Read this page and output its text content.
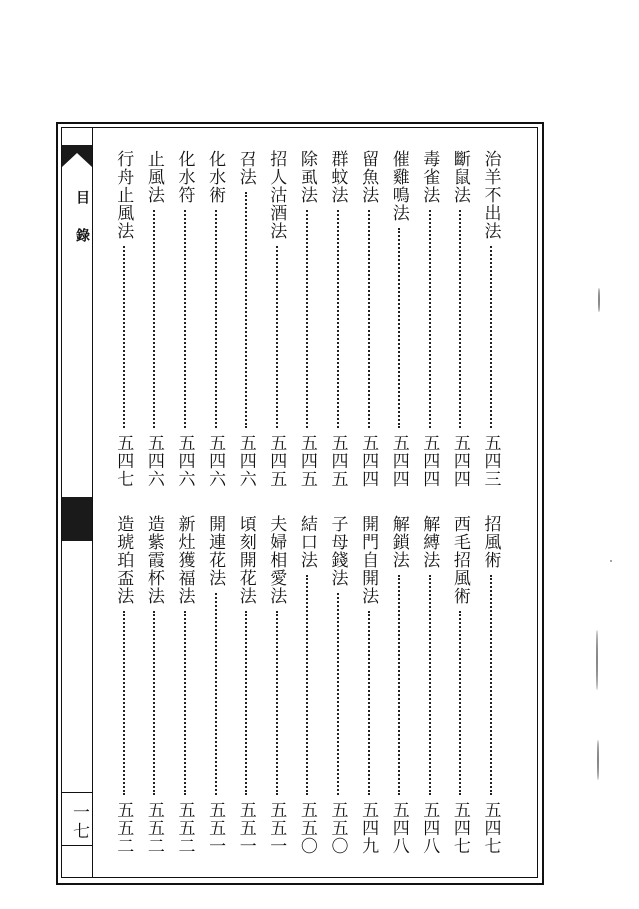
目
錄
一七
治羊不出法
五四三
斷鼠法
五四四
毒雀法
五四四
催雞鳴法
五四四
留魚法
五四四
群蚊法
五四五
除虱法
五四五
招人沽酒法
五四五
召法
五四六
化水術
五四六
化水符
五四六
止風法
五四六
行舟止風法
五四七
招風術
五四七
西毛招風術
五四七
解縛法
五四八
解鎖法
五四八
開門自開法
五四九
子母錢法
五五〇
結口法
五五〇
夫婦相愛法
五五一
頃刻開花法
五五一
開連花法
五五一
新灶獲福法
五五二
造紫霞杯法
五五二
造琥珀盃法
五五二
